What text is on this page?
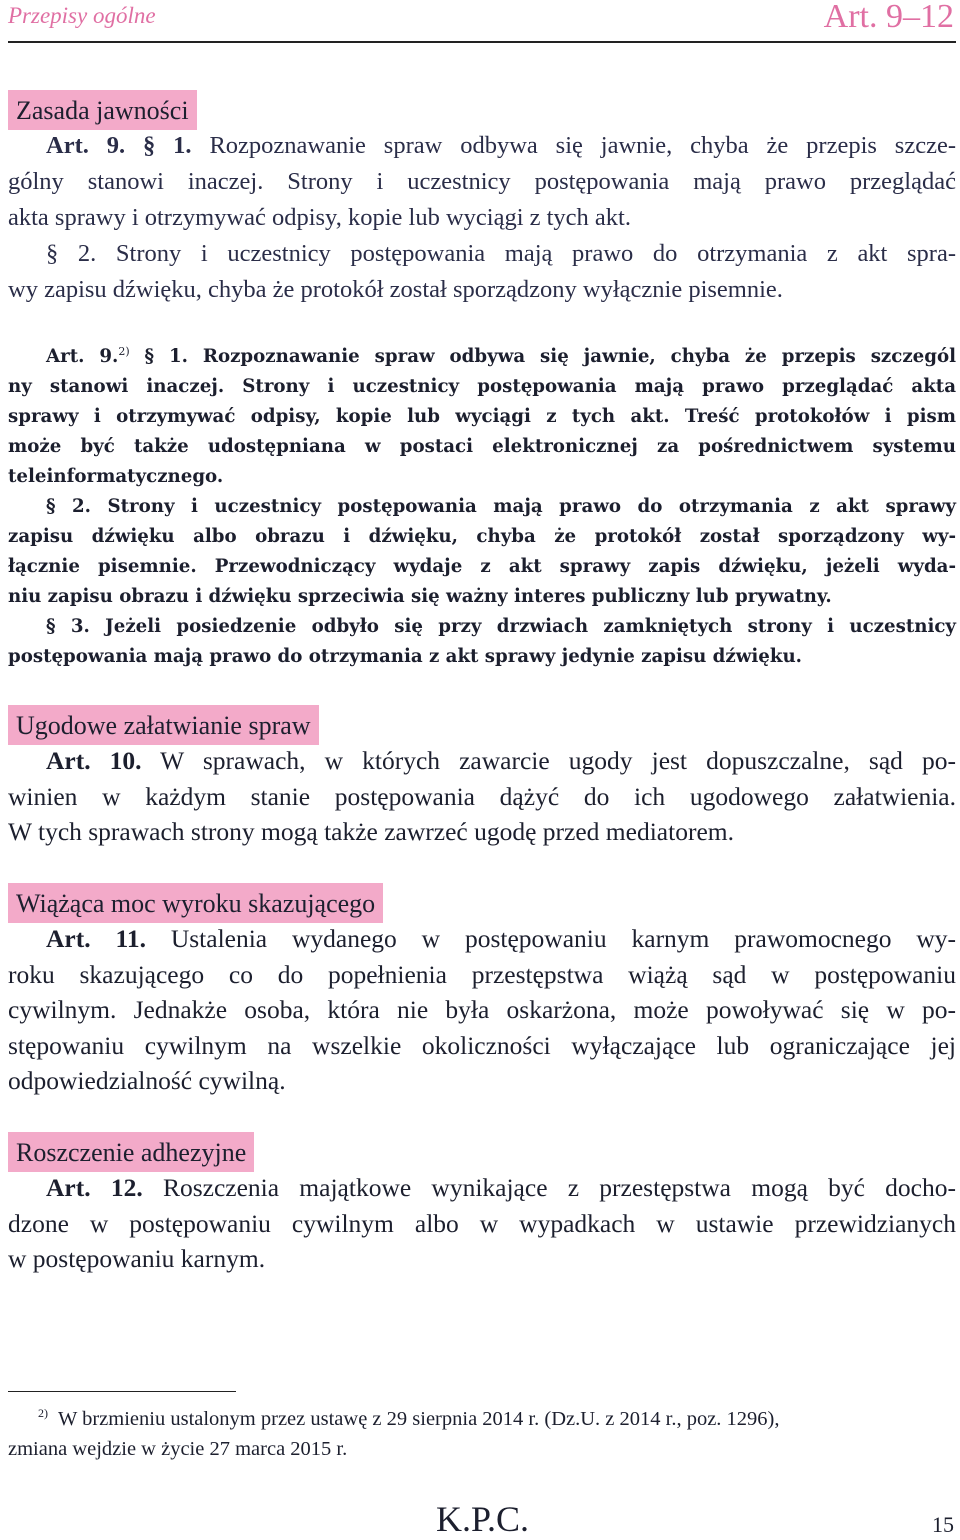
Przepisy ogólne	Art. 9–12
Zasada jawności
Art. 9. § 1. Rozpoznawanie spraw odbywa się jawnie, chyba że przepis szcze-
gólny stanowi inaczej. Strony i uczestnicy postępowania mają prawo przeglądać
akta sprawy i otrzymywać odpisy, kopie lub wyciągi z tych akt.
§ 2. Strony i uczestnicy postępowania mają prawo do otrzymania z akt spra-
wy zapisu dźwięku, chyba że protokół został sporządzony wyłącznie pisemnie.
Art. 9.$^{2)}$ § 1. Rozpoznawanie spraw odbywa się jawnie, chyba że przepis szczegól
ny stanowi inaczej. Strony i uczestnicy postępowania mają prawo przeglądać akta
sprawy i otrzymywać odpisy, kopie lub wyciągi z tych akt. Treść protokołów i pism
może być także udostępniana w postaci elektronicznej za pośrednictwem systemu
teleinformatycznego.
§ 2. Strony i uczestnicy postępowania mają prawo do otrzymania z akt sprawy
zapisu dźwięku albo obrazu i dźwięku, chyba że protokół został sporządzony wy-
łącznie pisemnie. Przewodniczący wydaje z akt sprawy zapis dźwięku, jeżeli wyda-
niu zapisu obrazu i dźwięku sprzeciwia się ważny interes publiczny lub prywatny.
§ 3. Jeżeli posiedzenie odbyło się przy drzwiach zamkniętych strony i uczestnicy
postępowania mają prawo do otrzymania z akt sprawy jedynie zapisu dźwięku.
Ugodowe załatwianie spraw
Art. 10. W sprawach, w których zawarcie ugody jest dopuszczalne, sąd po-
winien w każdym stanie postępowania dążyć do ich ugodowego załatwienia.
W tych sprawach strony mogą także zawrzeć ugodę przed mediatorem.
Wiążąca moc wyroku skazującego
Art. 11. Ustalenia wydanego w postępowaniu karnym prawomocnego wy-
roku skazującego co do popełnienia przestępstwa wiążą sąd w postępowaniu
cywilnym. Jednakże osoba, która nie była oskarżona, może powoływać się w po-
stępowaniu cywilnym na wszelkie okoliczności wyłączające lub ograniczające jej
odpowiedzialność cywilną.
Roszczenie adhezyjne
Art. 12. Roszczenia majątkowe wynikające z przestępstwa mogą być docho-
dzone w postępowaniu cywilnym albo w wypadkach w ustawie przewidzianych
w postępowaniu karnym.
$^{2)}$ W brzmieniu ustalonym przez ustawę z 29 sierpnia 2014 r. (Dz.U. z 2014 r., poz. 1296),
zmiana wejdzie w życie 27 marca 2015 r.
K.P.C.	15
